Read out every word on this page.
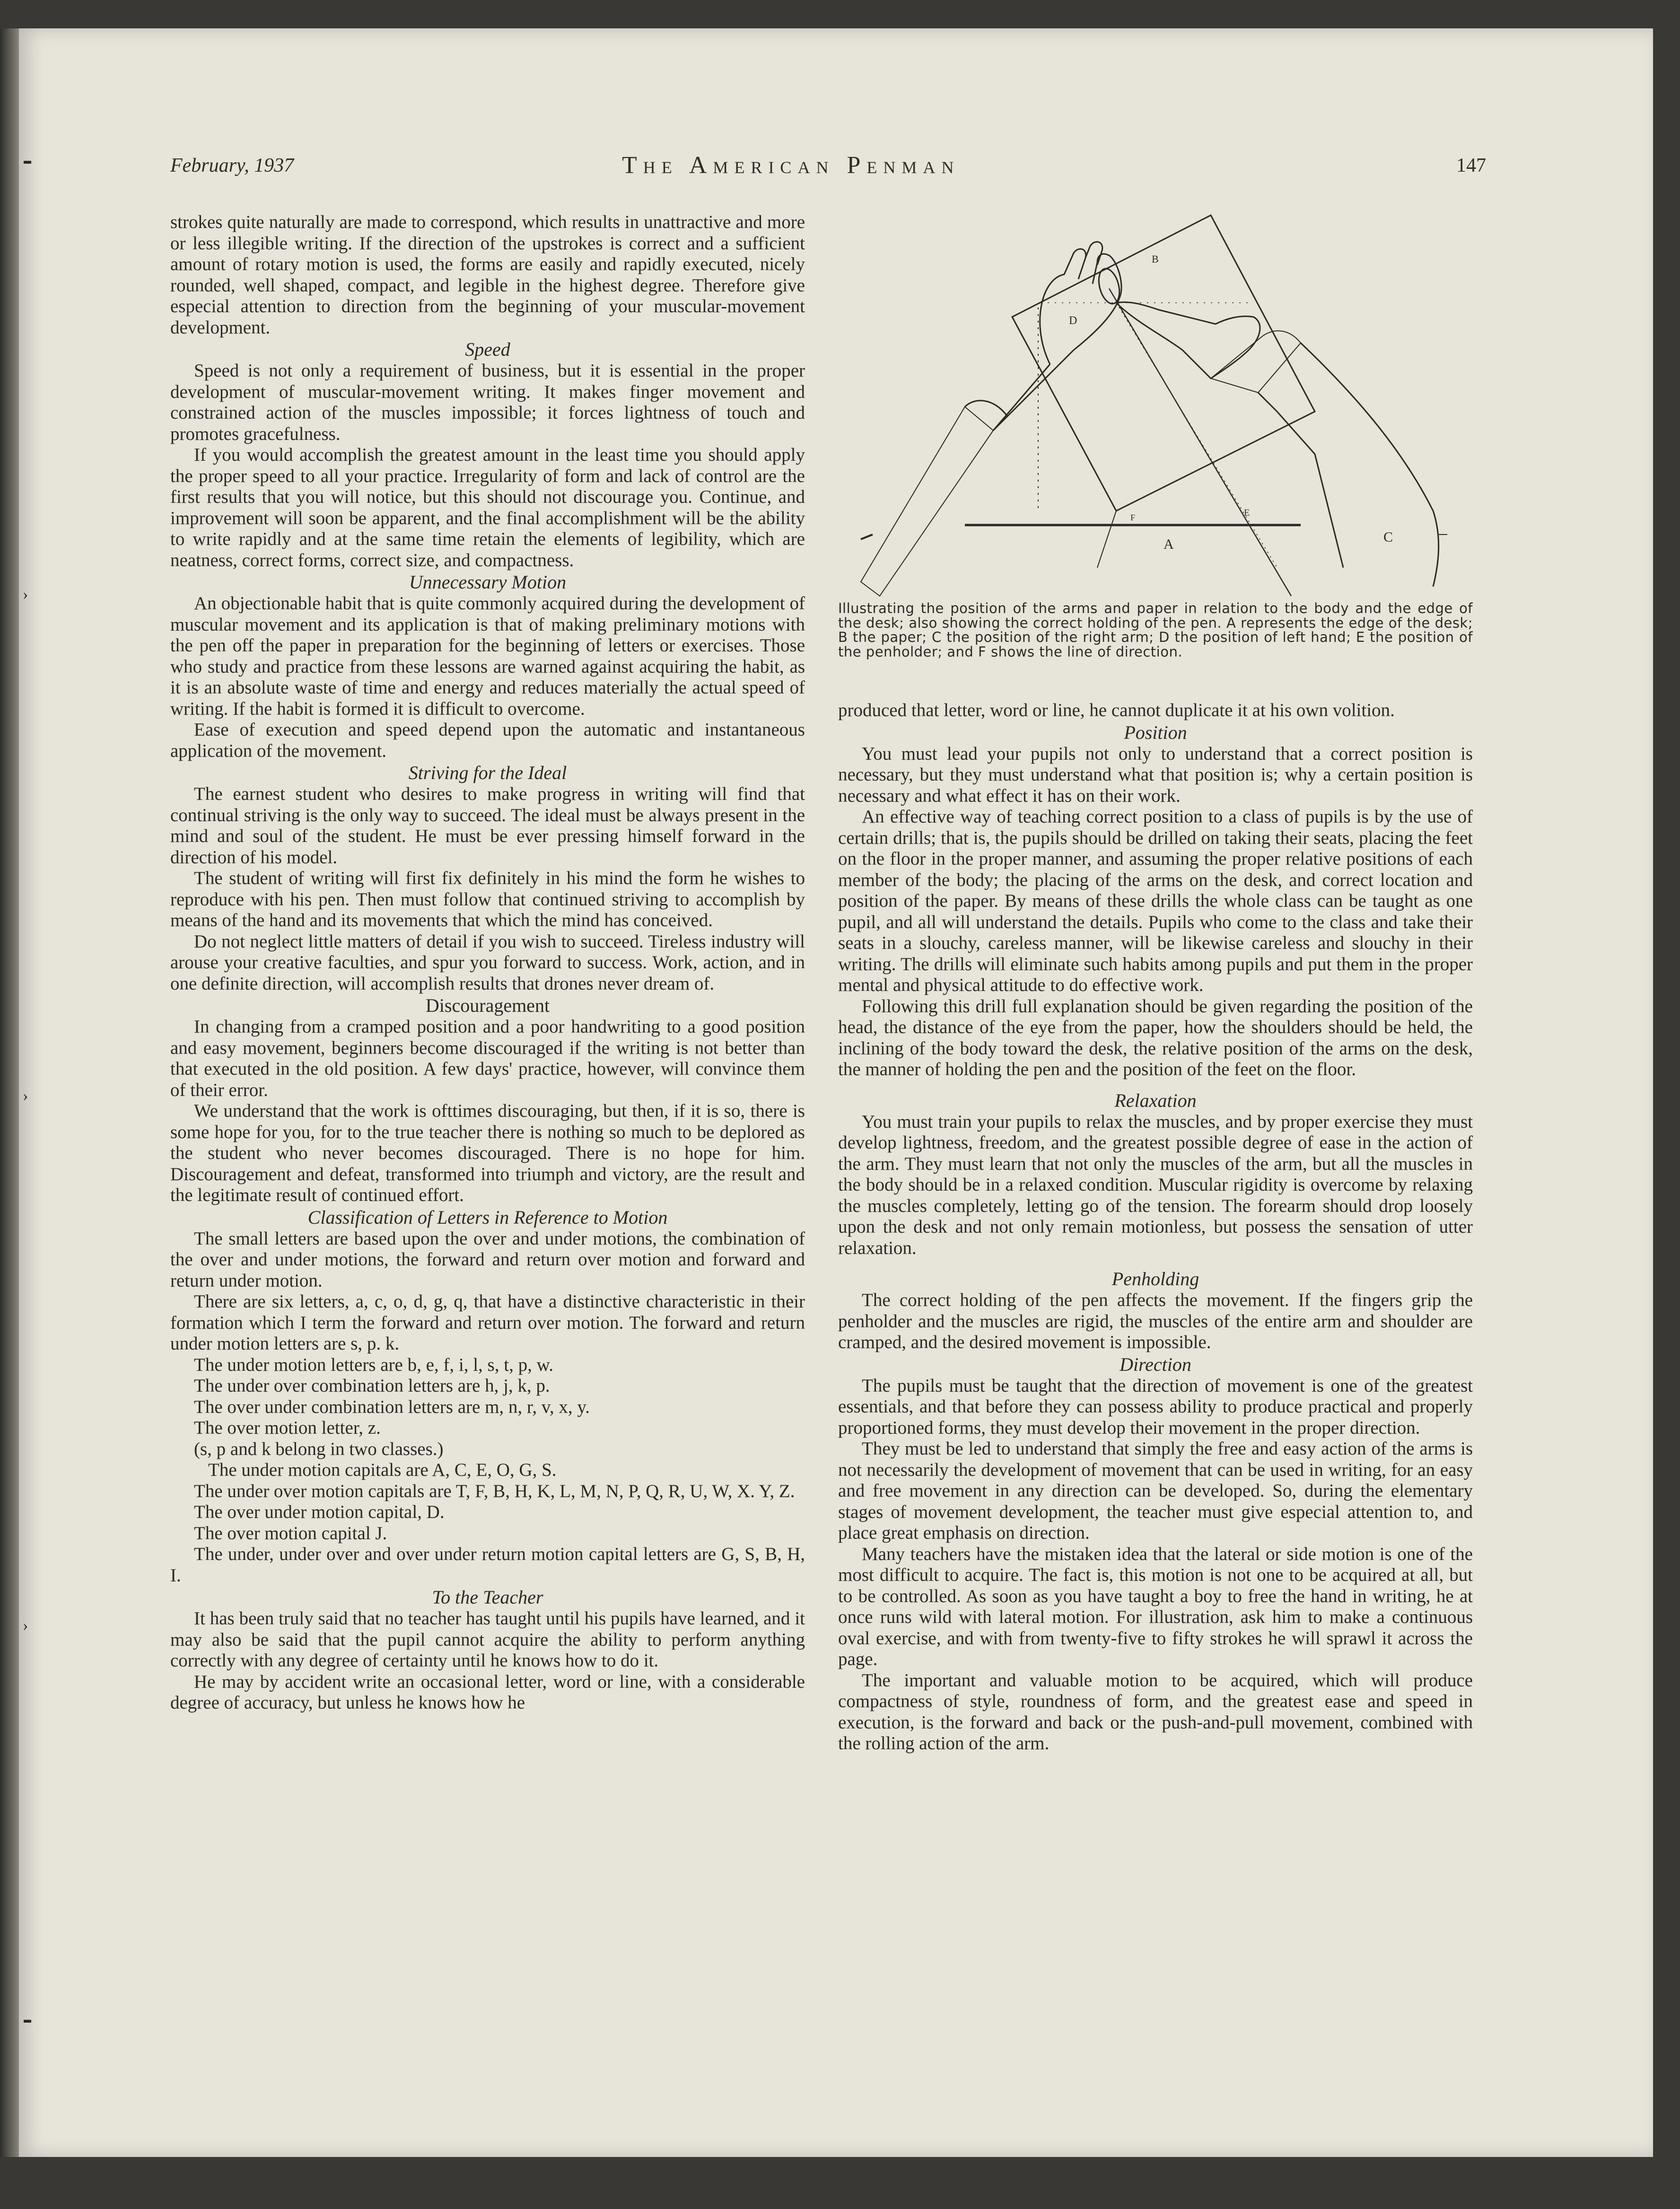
›
›
›
February, 1937	The American Penman	147

strokes quite naturally are made to correspond, which results in unattractive and more or less illegible writing. If the direction of the upstrokes is correct and a sufficient amount of rotary motion is used, the forms are easily and rapidly executed, nicely rounded, well shaped, compact, and legible in the highest degree. Therefore give especial attention to direction from the beginning of your muscular-movement development.

Speed

Speed is not only a requirement of business, but it is essential in the proper development of muscular-movement writing. It makes finger movement and constrained action of the muscles impossible; it forces lightness of touch and promotes gracefulness.

If you would accomplish the greatest amount in the least time you should apply the proper speed to all your practice. Irregularity of form and lack of control are the first results that you will notice, but this should not discourage you. Continue, and improvement will soon be apparent, and the final accomplishment will be the ability to write rapidly and at the same time retain the elements of legibility, which are neatness, correct forms, correct size, and compactness.

Unnecessary Motion

An objectionable habit that is quite commonly acquired during the development of muscular movement and its application is that of making preliminary motions with the pen off the paper in preparation for the beginning of letters or exercises. Those who study and practice from these lessons are warned against acquiring the habit, as it is an absolute waste of time and energy and reduces materially the actual speed of writing. If the habit is formed it is difficult to overcome.

Ease of execution and speed depend upon the automatic and instantaneous application of the movement.

Striving for the Ideal

The earnest student who desires to make progress in writing will find that continual striving is the only way to succeed. The ideal must be always present in the mind and soul of the student. He must be ever pressing himself forward in the direction of his model.

The student of writing will first fix definitely in his mind the form he wishes to reproduce with his pen. Then must follow that continued striving to accomplish by means of the hand and its movements that which the mind has conceived.

Do not neglect little matters of detail if you wish to succeed. Tireless industry will arouse your creative faculties, and spur you forward to success. Work, action, and in one definite direction, will accomplish results that drones never dream of.

Discouragement

In changing from a cramped position and a poor handwriting to a good position and easy movement, beginners become discouraged if the writing is not better than that executed in the old position. A few days' practice, however, will convince them of their error.

We understand that the work is ofttimes discouraging, but then, if it is so, there is some hope for you, for to the true teacher there is nothing so much to be deplored as the student who never becomes discouraged. There is no hope for him. Discouragement and defeat, transformed into triumph and victory, are the result and the legitimate result of continued effort.

Classification of Letters in Reference to Motion

The small letters are based upon the over and under motions, the combination of the over and under motions, the forward and return over motion and forward and return under motion.

There are six letters, a, c, o, d, g, q, that have a distinctive characteristic in their formation which I term the forward and return over motion. The forward and return under motion letters are s, p. k.

The under motion letters are b, e, f, i, l, s, t, p, w.

The under over combination letters are h, j, k, p.

The over under combination letters are m, n, r, v, x, y.

The over motion letter, z.

(s, p and k belong in two classes.)

The under motion capitals are A, C, E, O, G, S.

The under over motion capitals are T, F, B, H, K, L, M, N, P, Q, R, U, W, X. Y, Z.

The over under motion capital, D.

The over motion capital J.

The under, under over and over under return motion capital letters are G, S, B, H, I.

To the Teacher

It has been truly said that no teacher has taught until his pupils have learned, and it may also be said that the pupil cannot acquire the ability to perform anything correctly with any degree of certainty until he knows how to do it.

He may by accident write an occasional letter, word or line, with a considerable degree of accuracy, but unless he knows how he

A
B
C
D
E
F
Illustrating the position of the arms and paper in relation to the body and the edge of the desk; also showing the correct holding of the pen. A represents the edge of the desk; B the paper; C the position of the right arm; D the position of left hand; E the position of the penholder; and F shows the line of direction.

produced that letter, word or line, he cannot duplicate it at his own volition.

Position

You must lead your pupils not only to understand that a correct position is necessary, but they must understand what that position is; why a certain position is necessary and what effect it has on their work.

An effective way of teaching correct position to a class of pupils is by the use of certain drills; that is, the pupils should be drilled on taking their seats, placing the feet on the floor in the proper manner, and assuming the proper relative positions of each member of the body; the placing of the arms on the desk, and correct location and position of the paper. By means of these drills the whole class can be taught as one pupil, and all will understand the details. Pupils who come to the class and take their seats in a slouchy, careless manner, will be likewise careless and slouchy in their writing. The drills will eliminate such habits among pupils and put them in the proper mental and physical attitude to do effective work.

Following this drill full explanation should be given regarding the position of the head, the distance of the eye from the paper, how the shoulders should be held, the inclining of the body toward the desk, the relative position of the arms on the desk, the manner of holding the pen and the position of the feet on the floor.

Relaxation

You must train your pupils to relax the muscles, and by proper exercise they must develop lightness, freedom, and the greatest possible degree of ease in the action of the arm. They must learn that not only the muscles of the arm, but all the muscles in the body should be in a relaxed condition. Muscular rigidity is overcome by relaxing the muscles completely, letting go of the tension. The forearm should drop loosely upon the desk and not only remain motionless, but possess the sensation of utter relaxation.

Penholding

The correct holding of the pen affects the movement. If the fingers grip the penholder and the muscles are rigid, the muscles of the entire arm and shoulder are cramped, and the desired movement is impossible.

Direction

The pupils must be taught that the direction of movement is one of the greatest essentials, and that before they can possess ability to produce practical and properly proportioned forms, they must develop their movement in the proper direction.

They must be led to understand that simply the free and easy action of the arms is not necessarily the development of movement that can be used in writing, for an easy and free movement in any direction can be developed. So, during the elementary stages of movement development, the teacher must give especial attention to, and place great emphasis on direction.

Many teachers have the mistaken idea that the lateral or side motion is one of the most difficult to acquire. The fact is, this motion is not one to be acquired at all, but to be controlled. As soon as you have taught a boy to free the hand in writing, he at once runs wild with lateral motion. For illustration, ask him to make a continuous oval exercise, and with from twenty-five to fifty strokes he will sprawl it across the page.

The important and valuable motion to be acquired, which will produce compactness of style, roundness of form, and the greatest ease and speed in execution, is the forward and back or the push-and-pull movement, combined with the rolling action of the arm.
